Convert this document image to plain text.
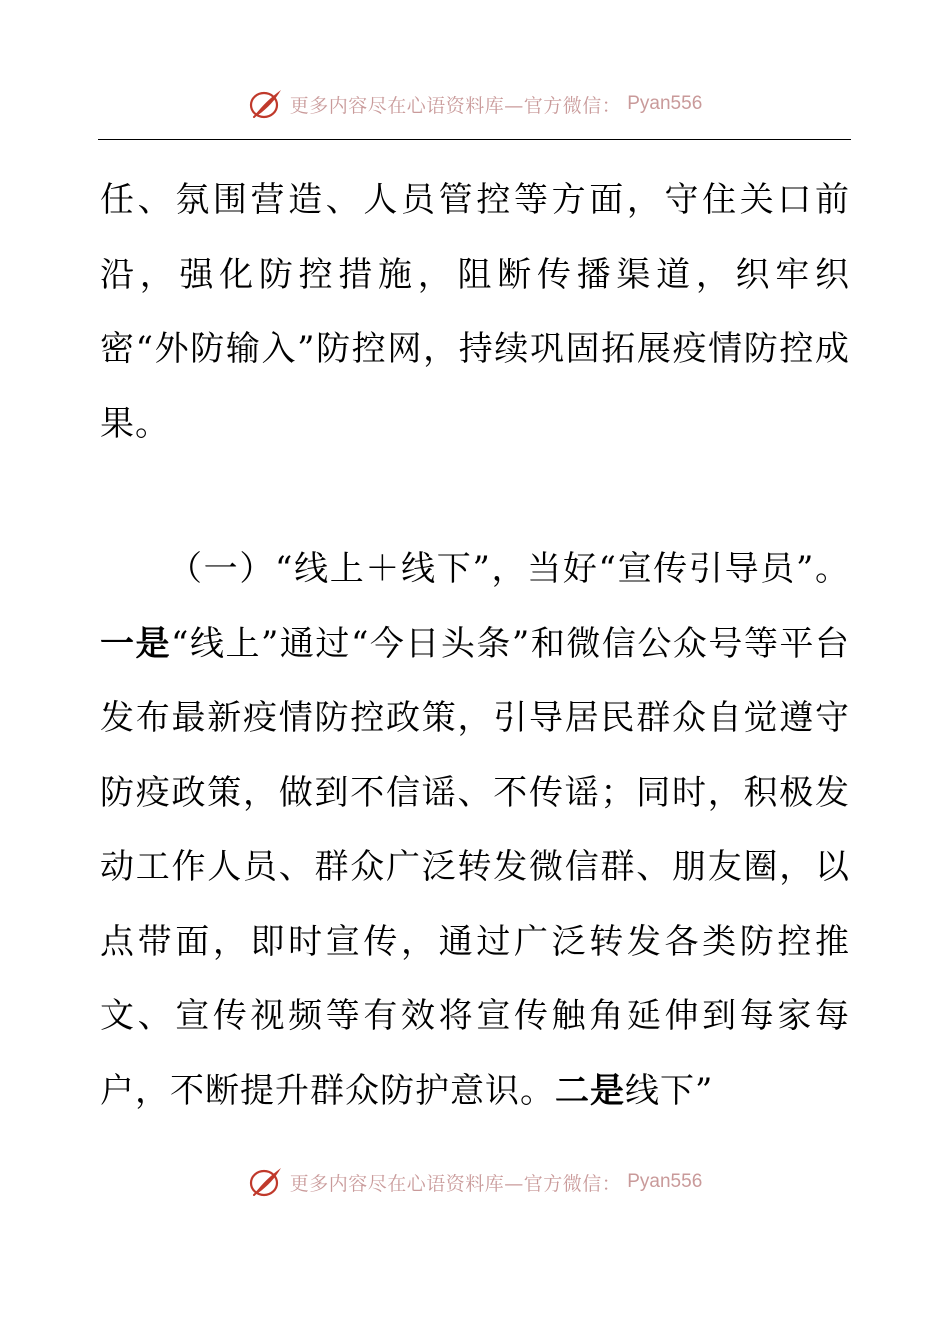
更多内容尽在心语资料库—官方微信： Pyan556
任、氛围营造、人员管控等方面，守住关口前沿，强化防控措施，阻断传播渠道，织牢织密“外防输入”防控网，持续巩固拓展疫情防控成果。
（一）“线上＋线下”，当好“宣传引导员”。一是“线上”通过“今日头条”和微信公众号等平台发布最新疫情防控政策，引导居民群众自觉遵守防疫政策，做到不信谣、不传谣；同时，积极发动工作人员、群众广泛转发微信群、朋友圈，以点带面，即时宣传，通过广泛转发各类防控推文、宣传视频等有效将宣传触角延伸到每家每户，不断提升群众防护意识。二是线下”
更多内容尽在心语资料库—官方微信： Pyan556
